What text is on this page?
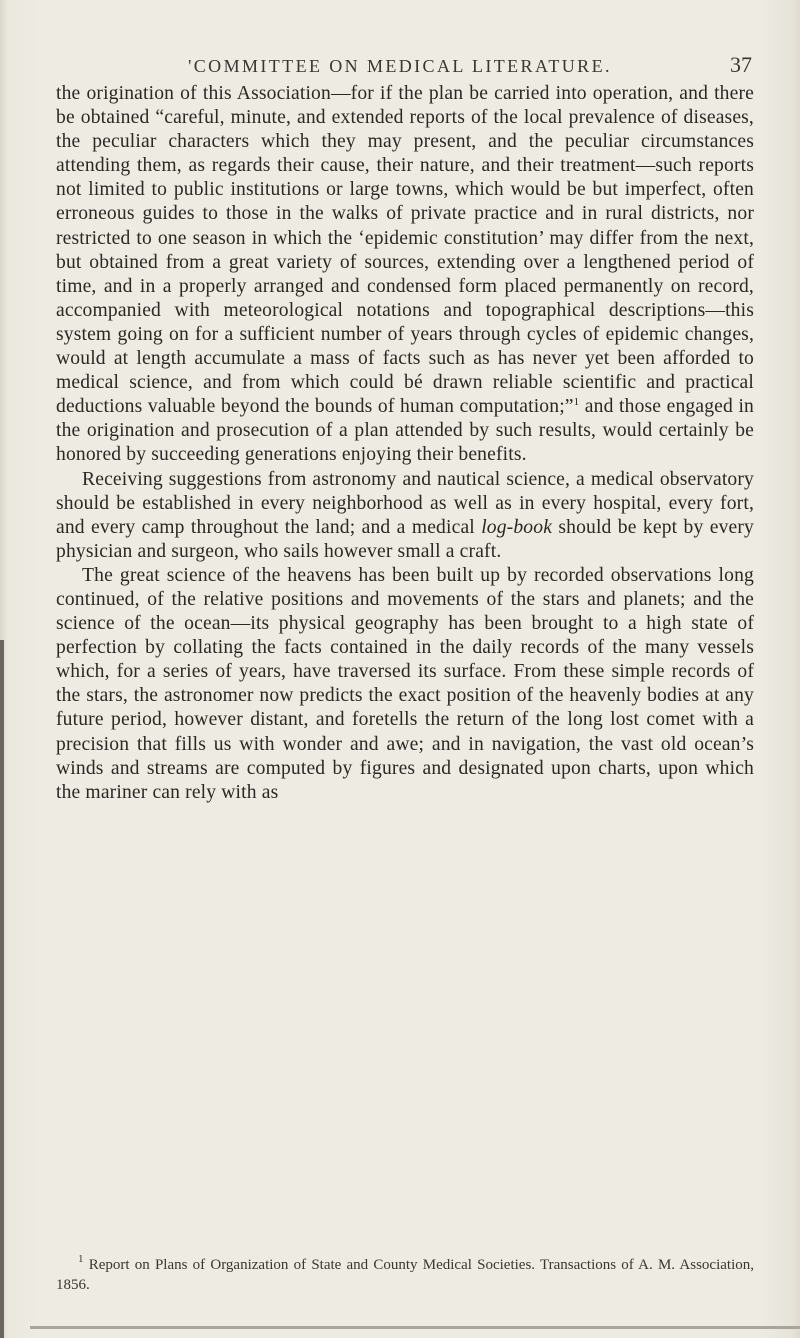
'COMMITTEE ON MEDICAL LITERATURE.	37

the origination of this Association—for if the plan be carried into operation, and there be obtained “careful, minute, and extended reports of the local prevalence of diseases, the peculiar characters which they may present, and the peculiar circumstances attending them, as regards their cause, their nature, and their treatment—such reports not limited to public institutions or large towns, which would be but imperfect, often erroneous guides to those in the walks of private practice and in rural districts, nor restricted to one season in which the ‘epidemic constitution’ may differ from the next, but obtained from a great variety of sources, extending over a lengthened period of time, and in a properly arranged and condensed form placed permanently on record, accompanied with meteorological notations and topographical descriptions—this system going on for a sufficient number of years through cycles of epidemic changes, would at length accumulate a mass of facts such as has never yet been afforded to medical science, and from which could bé drawn reliable scientific and practical deductions valuable beyond the bounds of human computation;”$^1$ and those engaged in the origination and prosecution of a plan attended by such results, would certainly be honored by succeeding generations enjoying their benefits.

Receiving suggestions from astronomy and nautical science, a medical observatory should be established in every neighborhood as well as in every hospital, every fort, and every camp throughout the land; and a medical log-book should be kept by every physician and surgeon, who sails however small a craft.

The great science of the heavens has been built up by recorded observations long continued, of the relative positions and movements of the stars and planets; and the science of the ocean—its physical geography has been brought to a high state of perfection by collating the facts contained in the daily records of the many vessels which, for a series of years, have traversed its surface. From these simple records of the stars, the astronomer now predicts the exact position of the heavenly bodies at any future period, however distant, and foretells the return of the long lost comet with a precision that fills us with wonder and awe; and in navigation, the vast old ocean’s winds and streams are computed by figures and designated upon charts, upon which the mariner can rely with as

$^1$ Report on Plans of Organization of State and County Medical Societies. Transactions of A. M. Association, 1856.
